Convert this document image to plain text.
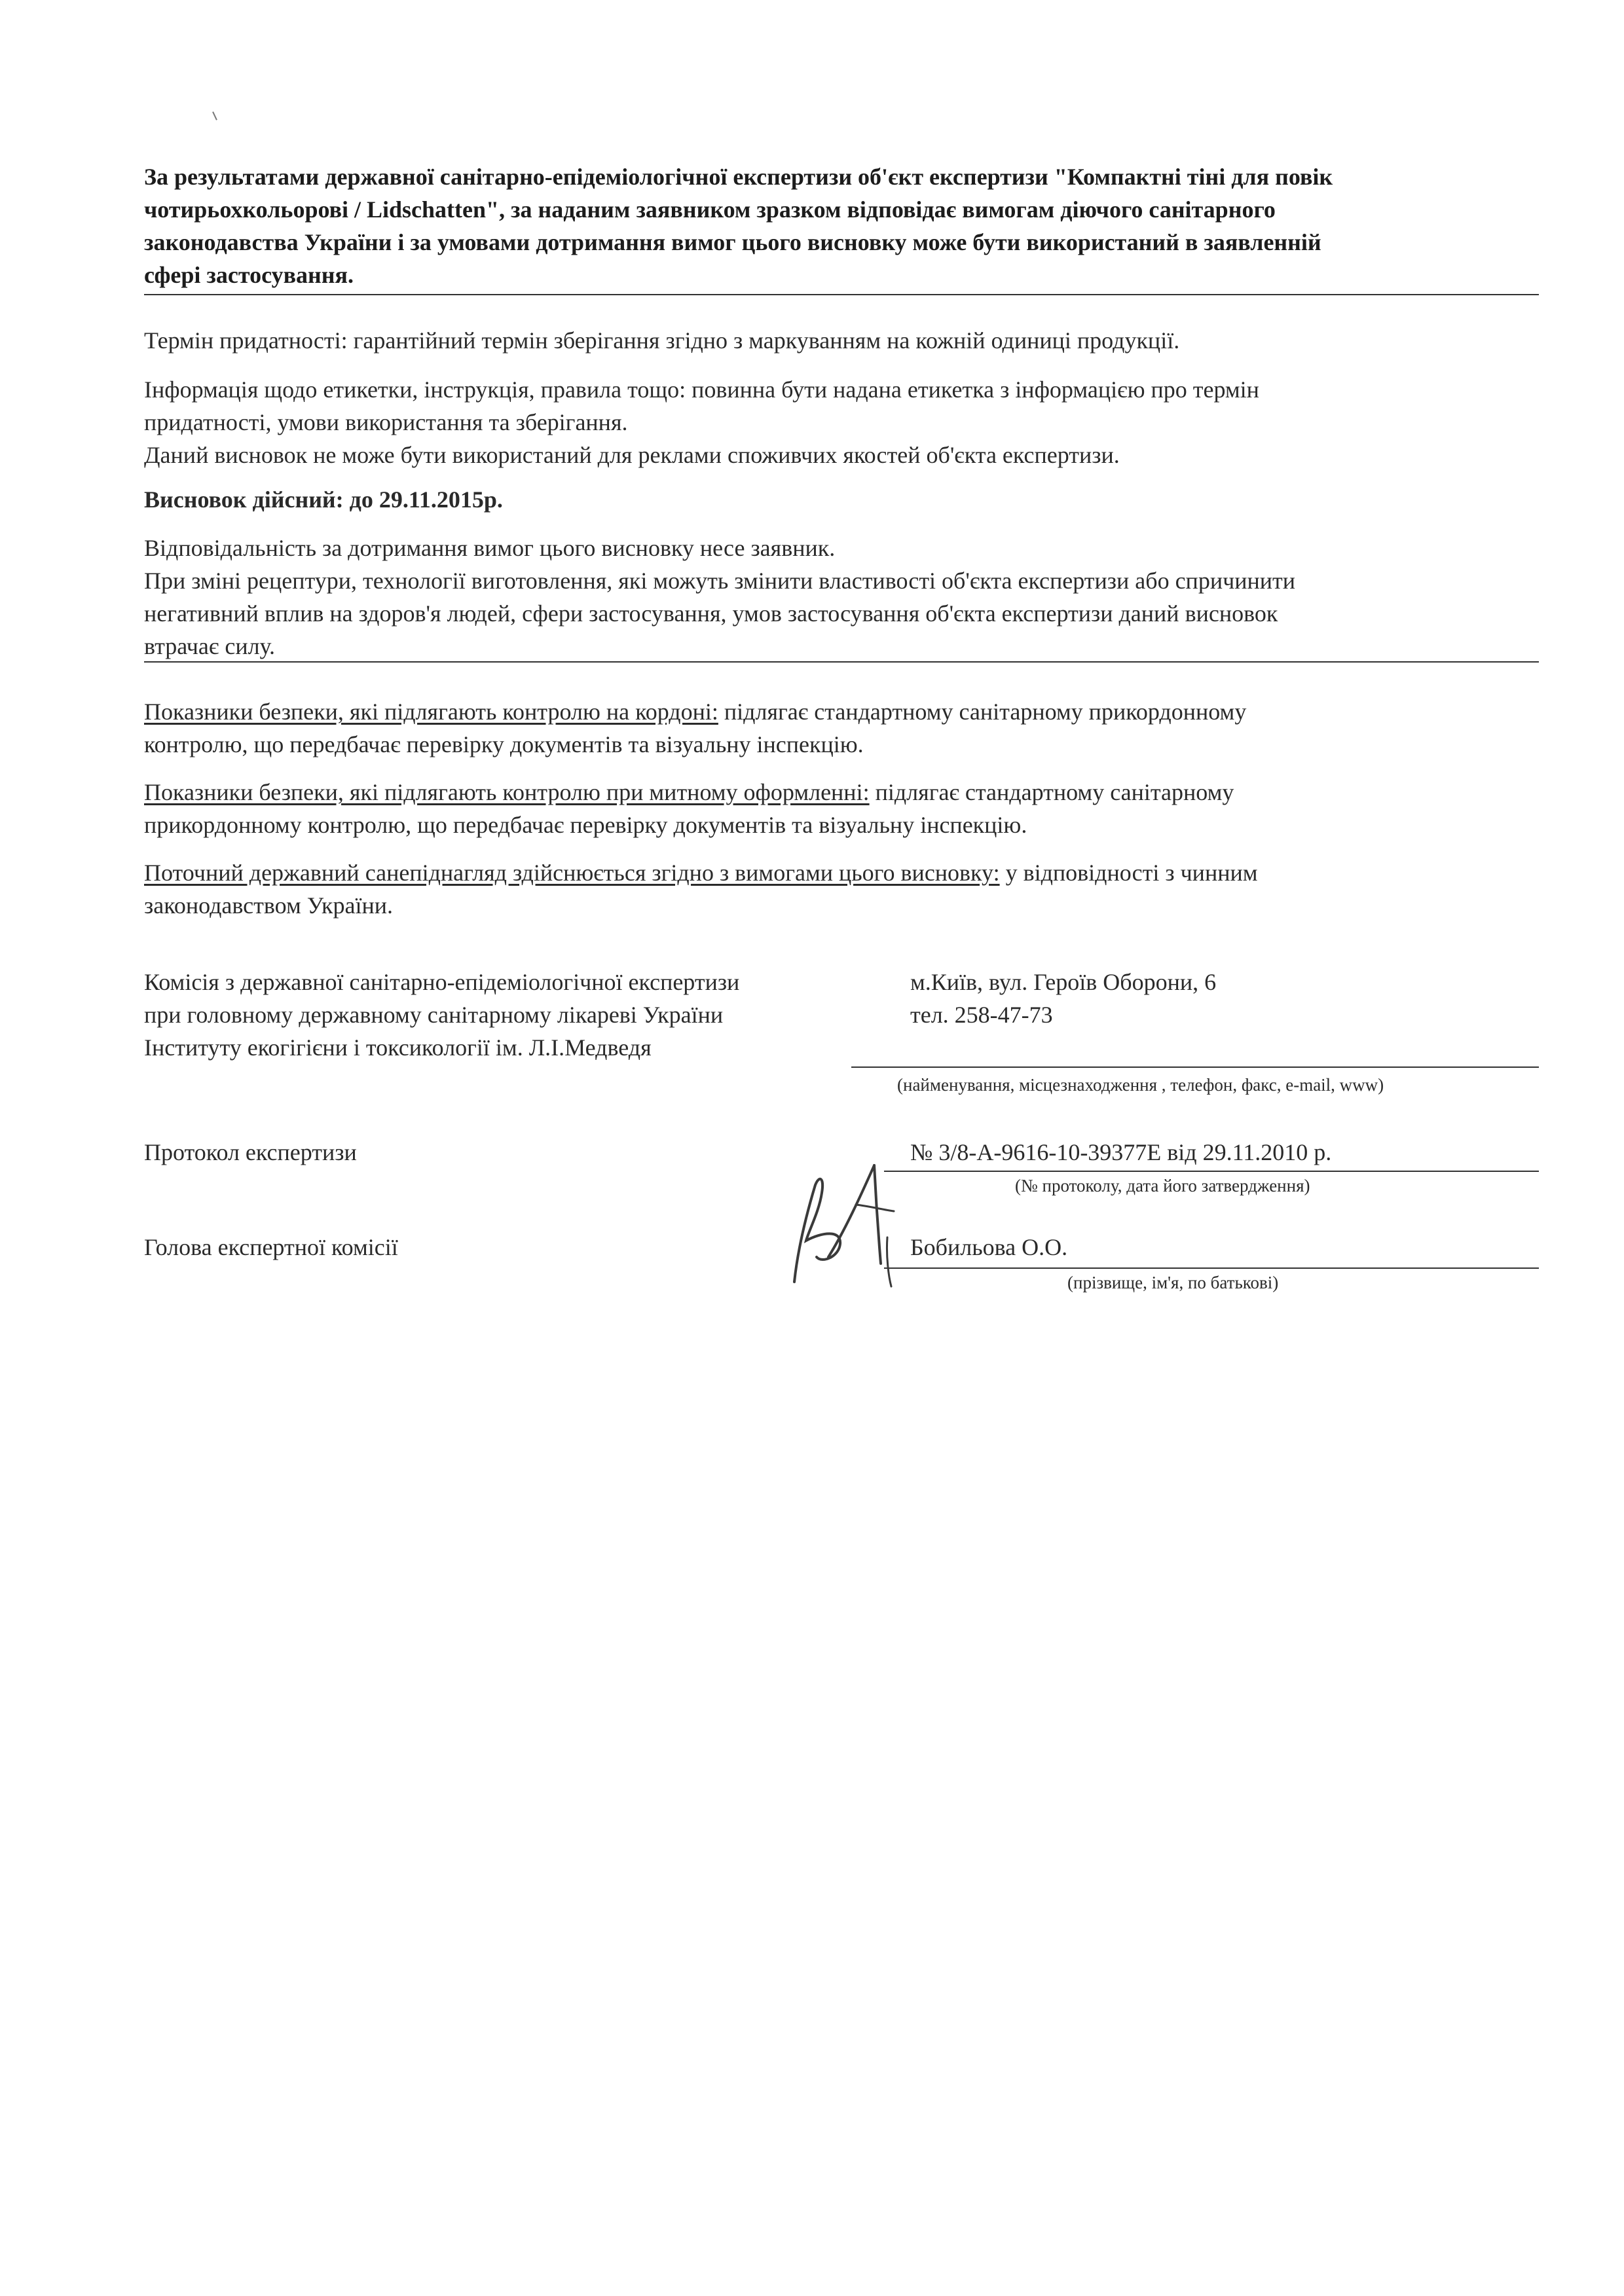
За результатами державної санітарно-епідеміологічної експертизи об'єкт експертизи "Компактні тіні для повік

чотирьохкольорові / Lidschatten", за наданим заявником зразком відповідає вимогам діючого санітарного

законодавства України і за умовами дотримання вимог цього висновку може бути використаний в заявленній

сфері застосування.

Термін придатності: гарантійний термін зберігання згідно з маркуванням на кожній одиниці продукції.

Інформація щодо етикетки, інструкція, правила тощо: повинна бути надана етикетка з інформацією про термін

придатності, умови використання та зберігання.

Даний висновок не може бути використаний для реклами споживчих якостей об'єкта експертизи.

Висновок дійсний: до 29.11.2015р.

Відповідальність за дотримання вимог цього висновку несе заявник.

При зміні рецептури, технології виготовлення, які можуть змінити властивості об'єкта експертизи або спричинити

негативний вплив на здоров'я людей, сфери застосування, умов застосування об'єкта експертизи даний висновок

втрачає силу.

Показники безпеки, які підлягають контролю на кордоні: підлягає стандартному санітарному прикордонному

контролю, що передбачає перевірку документів та візуальну інспекцію.

Показники безпеки, які підлягають контролю при митному оформленні: підлягає стандартному санітарному

прикордонному контролю, що передбачає перевірку документів та візуальну інспекцію.

Поточний державний санепіднагляд здійснюється згідно з вимогами цього висновку: у відповідності з чинним

законодавством України.

Комісія з державної санітарно-епідеміологічної експертизи

при головному державному санітарному лікареві України

Інституту екогігієни і токсикології ім. Л.І.Медведя

м.Київ, вул. Героїв Оборони, 6
тел. 258-47-73
(найменування, місцезнаходження , телефон, факс, e-mail, www)
Протокол експертизи	№ 3/8-А-9616-10-39377Е від 29.11.2010 р.
(№ протоколу, дата його затвердження)
Голова експертної комісії	Бобильова О.О.
(прізвище, ім'я, по батькові)
